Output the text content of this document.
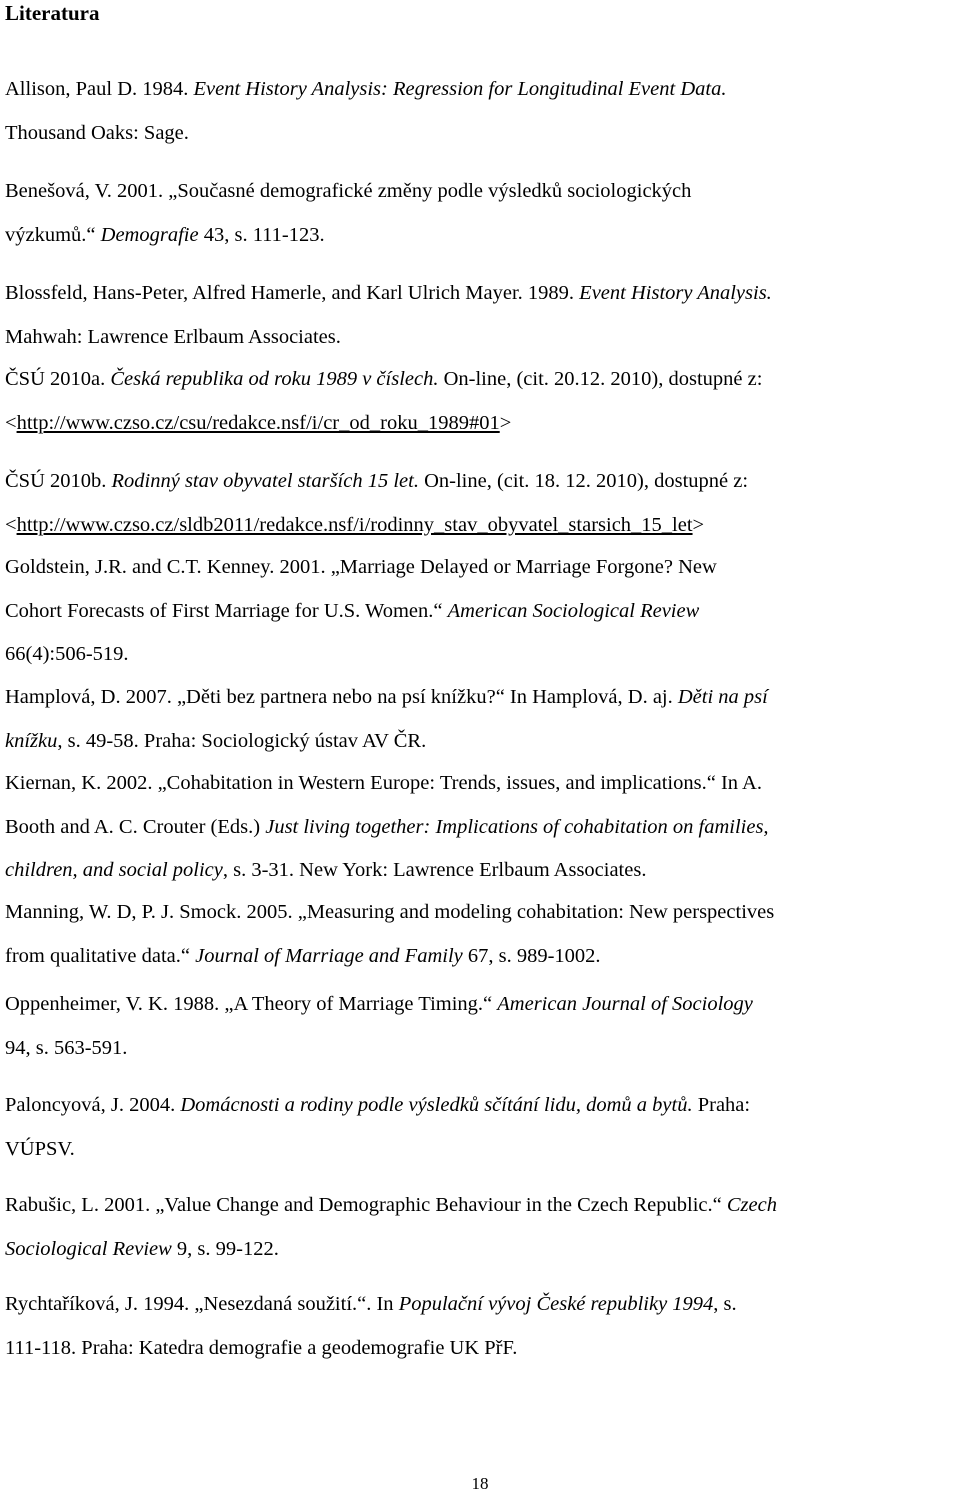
Literatura
Allison, Paul D. 1984. Event History Analysis: Regression for Longitudinal Event Data.
Thousand Oaks: Sage.
Benešová, V. 2001. „Současné demografické změny podle výsledků sociologických
výzkumů.“ Demografie 43, s. 111-123.
Blossfeld, Hans-Peter, Alfred Hamerle, and Karl Ulrich Mayer. 1989. Event History Analysis.
Mahwah: Lawrence Erlbaum Associates.
ČSÚ 2010a. Česká republika od roku 1989 v číslech. On-line, (cit. 20.12. 2010), dostupné z:
<http://www.czso.cz/csu/redakce.nsf/i/cr_od_roku_1989#01>
ČSÚ 2010b. Rodinný stav obyvatel starších 15 let. On-line, (cit. 18. 12. 2010), dostupné z:
<http://www.czso.cz/sldb2011/redakce.nsf/i/rodinny_stav_obyvatel_starsich_15_let>
Goldstein, J.R. and C.T. Kenney. 2001. „Marriage Delayed or Marriage Forgone? New
Cohort Forecasts of First Marriage for U.S. Women.“ American Sociological Review
66(4):506-519.
Hamplová, D. 2007. „Děti bez partnera nebo na psí knížku?“ In Hamplová, D. aj. Děti na psí
knížku, s. 49-58. Praha: Sociologický ústav AV ČR.
Kiernan, K. 2002. „Cohabitation in Western Europe: Trends, issues, and implications.“ In A.
Booth and A. C. Crouter (Eds.) Just living together: Implications of cohabitation on families,
children, and social policy, s. 3-31. New York: Lawrence Erlbaum Associates.
Manning, W. D, P. J. Smock. 2005. „Measuring and modeling cohabitation: New perspectives
from qualitative data.“ Journal of Marriage and Family 67, s. 989-1002.
Oppenheimer, V. K. 1988. „A Theory of Marriage Timing.“ American Journal of Sociology
94, s. 563-591.
Paloncyová, J. 2004. Domácnosti a rodiny podle výsledků sčítání lidu, domů a bytů. Praha:
VÚPSV.
Rabušic, L. 2001. „Value Change and Demographic Behaviour in the Czech Republic.“ Czech
Sociological Review 9, s. 99-122.
Rychtaříková, J. 1994. „Nesezdaná soužití.“. In Populační vývoj České republiky 1994, s.
111-118. Praha: Katedra demografie a geodemografie UK PřF.
18
